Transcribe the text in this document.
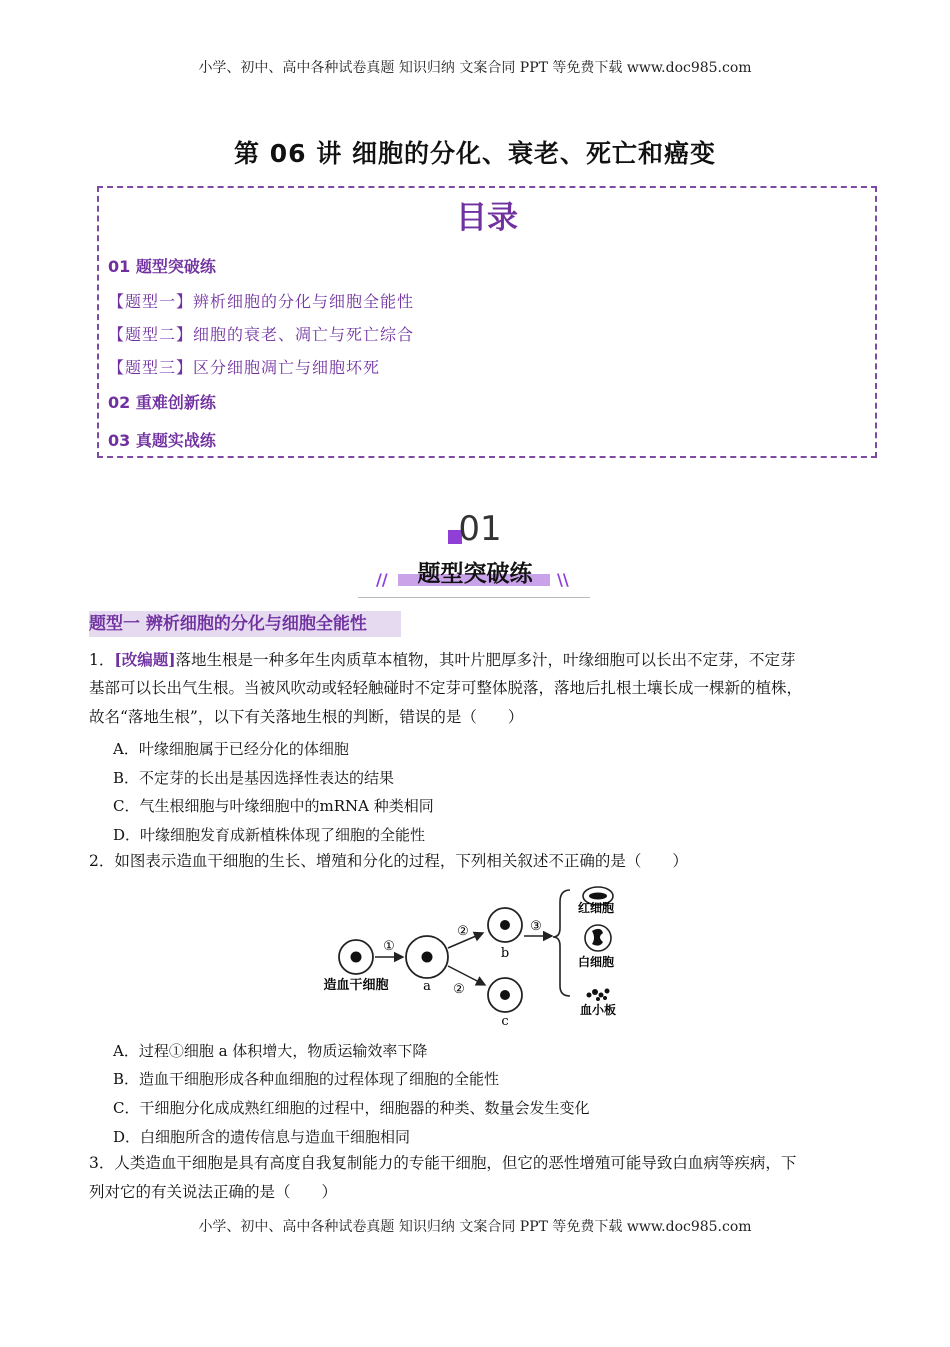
小学、初中、高中各种试卷真题 知识归纳 文案合同 PPT 等免费下载 www.doc985.com
第 06 讲 细胞的分化、衰老、死亡和癌变
目录
01 题型突破练
【题型一】辨析细胞的分化与细胞全能性
【题型二】细胞的衰老、凋亡与死亡综合
【题型三】区分细胞凋亡与细胞坏死
02 重难创新练
03 真题实战练
01
题型突破练
//	\\
题型一 辨析细胞的分化与细胞全能性
1．[改编题]落地生根是一种多年生肉质草本植物，其叶片肥厚多汁，叶缘细胞可以长出不定芽，不定芽
基部可以长出气生根。当被风吹动或轻轻触碰时不定芽可整体脱落，落地后扎根土壤长成一棵新的植株，
故名“落地生根”，以下有关落地生根的判断，错误的是（　　）
A．叶缘细胞属于已经分化的体细胞
B．不定芽的长出是基因选择性表达的结果
C．气生根细胞与叶缘细胞中的mRNA 种类相同
D．叶缘细胞发育成新植株体现了细胞的全能性
2．如图表示造血干细胞的生长、增殖和分化的过程，下列相关叙述不正确的是（　　）
①
②
②
③
造血干细胞	a
b
c
红细胞
白细胞
血小板
A．过程①细胞 a 体积增大，物质运输效率下降
B．造血干细胞形成各种血细胞的过程体现了细胞的全能性
C．干细胞分化成成熟红细胞的过程中，细胞器的种类、数量会发生变化
D．白细胞所含的遗传信息与造血干细胞相同
3．人类造血干细胞是具有高度自我复制能力的专能干细胞，但它的恶性增殖可能导致白血病等疾病，下
列对它的有关说法正确的是（　　）
小学、初中、高中各种试卷真题 知识归纳 文案合同 PPT 等免费下载 www.doc985.com
